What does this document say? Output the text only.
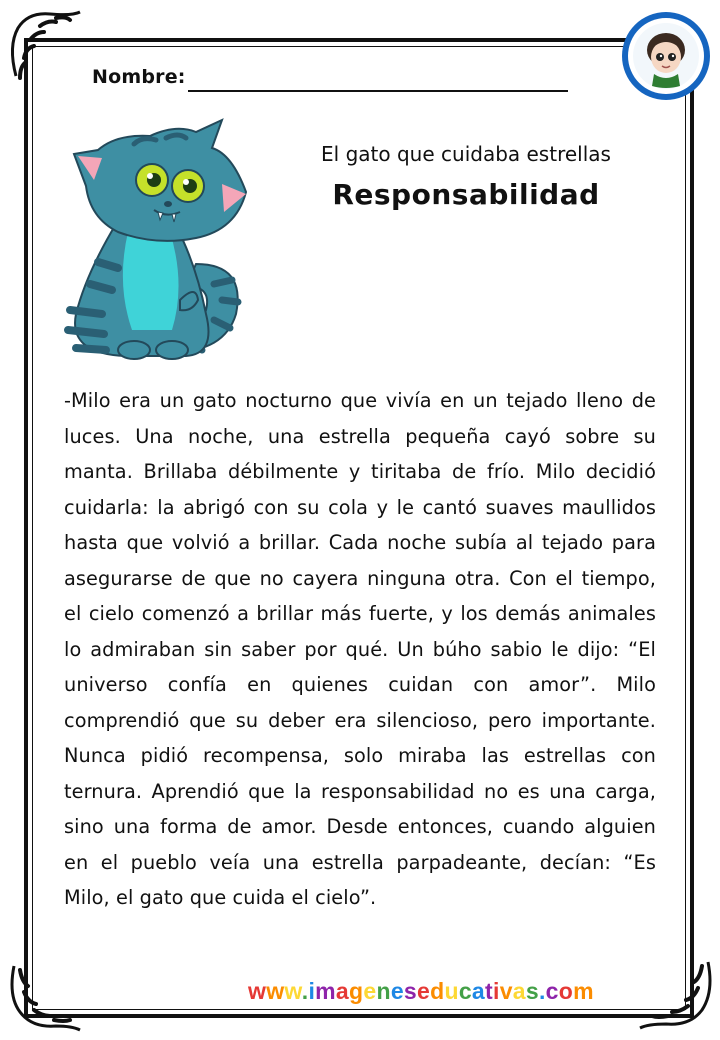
Nombre:
El gato que cuidaba estrellas
Responsabilidad
-Milo era un gato nocturno que vivía en un tejado lleno de luces. Una noche, una estrella pequeña cayó sobre su manta. Brillaba débilmente y tiritaba de frío. Milo decidió cuidarla: la abrigó con su cola y le cantó suaves maullidos hasta que volvió a brillar. Cada noche subía al tejado para asegurarse de que no cayera ninguna otra. Con el tiempo, el cielo comenzó a brillar más fuerte, y los demás animales lo admiraban sin saber por qué. Un búho sabio le dijo: “El universo confía en quienes cuidan con amor”. Milo comprendió que su deber era silencioso, pero importante. Nunca pidió recompensa, solo miraba las estrellas con ternura. Aprendió que la responsabilidad no es una carga, sino una forma de amor. Desde entonces, cuando alguien en el pueblo veía una estrella parpadeante, decían: “Es Milo, el gato que cuida el cielo”.
www.imageneseducativas.com
